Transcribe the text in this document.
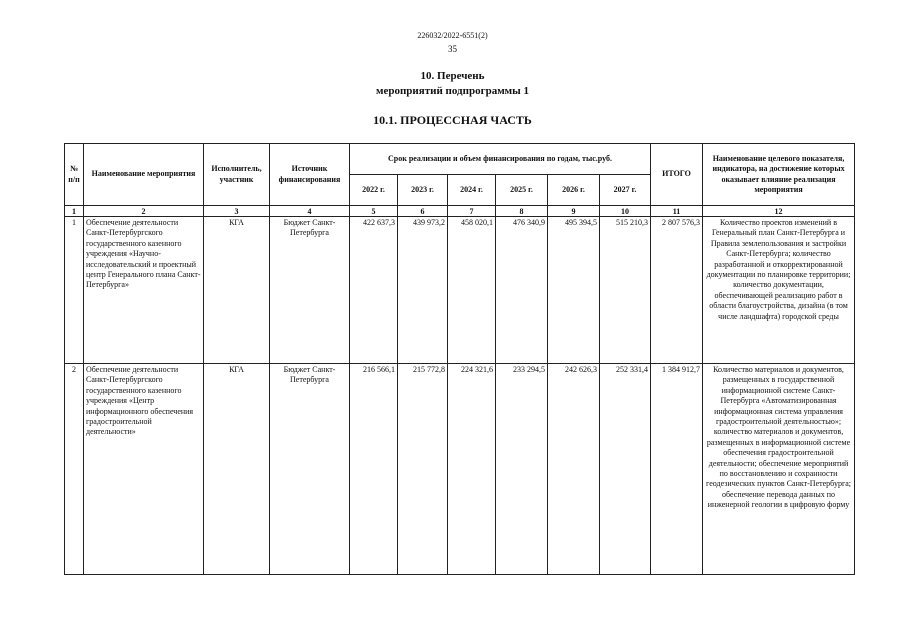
226032/2022-6551(2)
35
10. Перечень
мероприятий подпрограммы 1
10.1. ПРОЦЕССНАЯ ЧАСТЬ
№ п/п	Наименование мероприятия	Исполнитель, участник	Источник финансирования	Срок реализации и объем финансирования по годам, тыс.руб.						ИТОГО	Наименование целевого показателя, индикатора, на достижение которых оказывает влияние реализация мероприятия
				2022 г.	2023 г.	2024 г.	2025 г.	2026 г.	2027 г.		
1	2	3	4	5	6	7	8	9	10	11	12
1	Обеспечение деятельности Санкт-Петербургского государственного казенного учреждения «Научно-исследовательский и проектный центр Генерального плана Санкт-Петербурга»	КГА	Бюджет Санкт-Петербурга	422 637,3	439 973,2	458 020,1	476 340,9	495 394,5	515 210,3	2 807 576,3	Количество проектов изменений в Генеральный план Санкт-Петербурга и Правила землепользования и застройки Санкт-Петербурга; количество разработанной и откорректированной документации по планировке территории; количество документации, обеспечивающей реализацию работ в области благоустройства, дизайна (в том числе ландшафта) городской среды
2	Обеспечение деятельности Санкт-Петербургского государственного казенного учреждения «Центр информационного обеспечения градостроительной деятельности»	КГА	Бюджет Санкт-Петербурга	216 566,1	215 772,8	224 321,6	233 294,5	242 626,3	252 331,4	1 384 912,7	Количество материалов и документов, размещенных в государственной информационной системе Санкт-Петербурга «Автоматизированная информационная система управления градостроительной деятельностью»; количество материалов и документов, размещенных в информационной системе обеспечения градостроительной деятельности; обеспечение мероприятий по восстановлению и сохранности геодезических пунктов Санкт-Петербурга; обеспечение перевода данных по инженерной геологии в цифровую форму
